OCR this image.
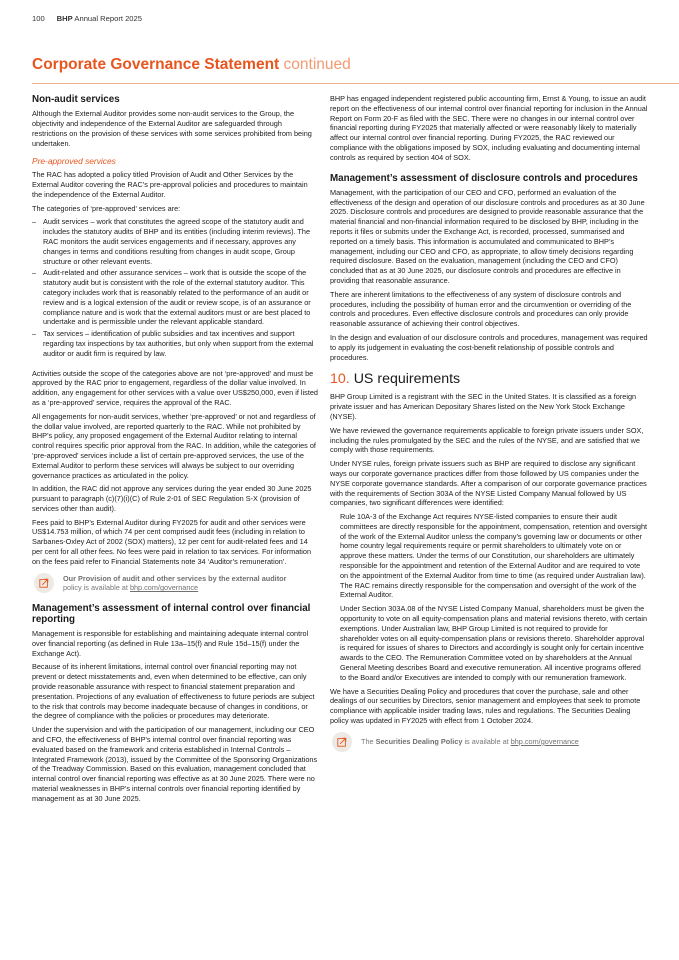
100 BHP Annual Report 2025
Corporate Governance Statement continued
Non-audit services

Although the External Auditor provides some non-audit services to the Group, the objectivity and independence of the External Auditor are safeguarded through restrictions on the provision of these services with some services prohibited from being undertaken.

Pre-approved services

The RAC has adopted a policy titled Provision of Audit and Other Services by the External Auditor covering the RAC’s pre-approval policies and procedures to maintain the independence of the External Auditor.

The categories of ‘pre-approved’ services are:

– Audit services – work that constitutes the agreed scope of the statutory audit and includes the statutory audits of BHP and its entities (including interim reviews). The RAC monitors the audit services engagements and if necessary, approves any changes in terms and conditions resulting from changes in audit scope, Group structure or other relevant events.
– Audit-related and other assurance services – work that is outside the scope of the statutory audit but is consistent with the role of the external statutory auditor. This category includes work that is reasonably related to the performance of an audit or review and is a logical extension of the audit or review scope, is of an assurance or compliance nature and is work that the external auditors must or are best placed to undertake and is permissible under the relevant applicable standard.
– Tax services – identification of public subsidies and tax incentives and support regarding tax inspections by tax authorities, but only when support from the external auditor or audit firm is required by law.

Activities outside the scope of the categories above are not ‘pre-approved’ and must be approved by the RAC prior to engagement, regardless of the dollar value involved. In addition, any engagement for other services with a value over US$250,000, even if listed as a ‘pre-approved’ service, requires the approval of the RAC.

All engagements for non-audit services, whether ‘pre-approved’ or not and regardless of the dollar value involved, are reported quarterly to the RAC. While not prohibited by BHP’s policy, any proposed engagement of the External Auditor relating to internal control requires specific prior approval from the RAC. In addition, while the categories of ‘pre-approved’ services include a list of certain pre-approved services, the use of the External Auditor to perform these services will always be subject to our overriding governance practices as articulated in the policy.

In addition, the RAC did not approve any services during the year ended 30 June 2025 pursuant to paragraph (c)(7)(i)(C) of Rule 2-01 of SEC Regulation S-X (provision of services other than audit).

Fees paid to BHP’s External Auditor during FY2025 for audit and other services were US$14.753 million, of which 74 per cent comprised audit fees (including in relation to Sarbanes-Oxley Act of 2002 (SOX) matters), 12 per cent for audit-related fees and 14 per cent for all other fees. No fees were paid in relation to tax services. For information on the fees paid refer to Financial Statements note 34 ‘Auditor’s remuneration’.

Our Provision of audit and other services by the external auditor
policy is available at bhp.com/governance
Management’s assessment of internal control over financial reporting

Management is responsible for establishing and maintaining adequate internal control over financial reporting (as defined in Rule 13a–15(f) and Rule 15d–15(f) under the Exchange Act).

Because of its inherent limitations, internal control over financial reporting may not prevent or detect misstatements and, even when determined to be effective, can only provide reasonable assurance with respect to financial statement preparation and presentation. Projections of any evaluation of effectiveness to future periods are subject to the risk that controls may become inadequate because of changes in conditions, or the degree of compliance with the policies or procedures may deteriorate.

Under the supervision and with the participation of our management, including our CEO and CFO, the effectiveness of BHP’s internal control over financial reporting was evaluated based on the framework and criteria established in Internal Controls – Integrated Framework (2013), issued by the Committee of the Sponsoring Organizations of the Treadway Commission. Based on this evaluation, management concluded that internal control over financial reporting was effective as at 30 June 2025. There were no material weaknesses in BHP’s internal controls over financial reporting identified by management as at 30 June 2025.

BHP has engaged independent registered public accounting firm, Ernst & Young, to issue an audit report on the effectiveness of our internal control over financial reporting for inclusion in the Annual Report on Form 20-F as filed with the SEC. There were no changes in our internal control over financial reporting during FY2025 that materially affected or were reasonably likely to materially affect our internal control over financial reporting. During FY2025, the RAC reviewed our compliance with the obligations imposed by SOX, including evaluating and documenting internal controls as required by section 404 of SOX.

Management’s assessment of disclosure controls and procedures

Management, with the participation of our CEO and CFO, performed an evaluation of the effectiveness of the design and operation of our disclosure controls and procedures as at 30 June 2025. Disclosure controls and procedures are designed to provide reasonable assurance that the material financial and non-financial information required to be disclosed by BHP, including in the reports it files or submits under the Exchange Act, is recorded, processed, summarised and reported on a timely basis. This information is accumulated and communicated to BHP’s management, including our CEO and CFO, as appropriate, to allow timely decisions regarding required disclosure. Based on the evaluation, management (including the CEO and CFO) concluded that as at 30 June 2025, our disclosure controls and procedures are effective in providing that reasonable assurance.

There are inherent limitations to the effectiveness of any system of disclosure controls and procedures, including the possibility of human error and the circumvention or overriding of the controls and procedures. Even effective disclosure controls and procedures can only provide reasonable assurance of achieving their control objectives.

In the design and evaluation of our disclosure controls and procedures, management was required to apply its judgement in evaluating the cost-benefit relationship of possible controls and procedures.

10. US requirements

BHP Group Limited is a registrant with the SEC in the United States. It is classified as a foreign private issuer and has American Depositary Shares listed on the New York Stock Exchange (NYSE).

We have reviewed the governance requirements applicable to foreign private issuers under SOX, including the rules promulgated by the SEC and the rules of the NYSE, and are satisfied that we comply with those requirements.

Under NYSE rules, foreign private issuers such as BHP are required to disclose any significant ways our corporate governance practices differ from those followed by US companies under the NYSE corporate governance standards. After a comparison of our corporate governance practices with the requirements of Section 303A of the NYSE Listed Company Manual followed by US companies, two significant differences were identified:

Rule 10A-3 of the Exchange Act requires NYSE-listed companies to ensure their audit committees are directly responsible for the appointment, compensation, retention and oversight of the work of the External Auditor unless the company’s governing law or documents or other home country legal requirements require or permit shareholders to ultimately vote on or approve these matters. Under the terms of our Constitution, our shareholders are ultimately responsible for the appointment and retention of the External Auditor and are required to vote on the appointment of the External Auditor from time to time (as required under Australian law). The RAC remains directly responsible for the compensation and oversight of the work of the External Auditor.

Under Section 303A.08 of the NYSE Listed Company Manual, shareholders must be given the opportunity to vote on all equity-compensation plans and material revisions thereto, with certain exemptions. Under Australian law, BHP Group Limited is not required to provide for shareholder votes on all equity-compensation plans or revisions thereto. Shareholder approval is required for issues of shares to Directors and accordingly is sought only for certain incentive awards to the CEO. The Remuneration Committee voted on by shareholders at the Annual General Meeting describes Board and executive remuneration. All incentive programs offered to the Board and/or Executives are intended to comply with our remuneration framework.

We have a Securities Dealing Policy and procedures that cover the purchase, sale and other dealings of our securities by Directors, senior management and employees that seek to promote compliance with applicable insider trading laws, rules and regulations. The Securities Dealing policy was updated in FY2025 with effect from 1 October 2024.

The Securities Dealing Policy is available at bhp.com/governance
